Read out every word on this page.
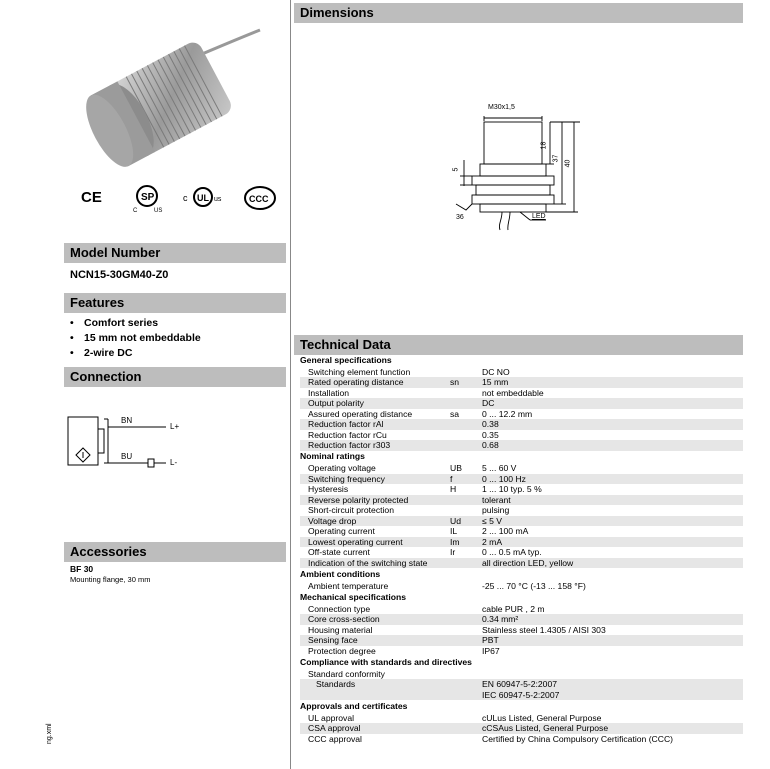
CE	SP
C	US
c UL us	CCC
Model Number
NCN15-30GM40-Z0
Features
• Comfort series
• 15 mm not embeddable
• 2-wire DC
Connection
BN
BU
L+
L-
Accessories
BF 30
Mounting flange, 30 mm
ng.xml
Dimensions
M30x1,5
18
37
40
5
36	LED
Technical Data
General specifications
Switching element function	DC NO
Rated operating distance	sn	15 mm
Installation	not embeddable
Output polarity	DC
Assured operating distance	sa	0 ... 12.2 mm
Reduction factor rAl	0.38
Reduction factor rCu	0.35
Reduction factor r303	0.68
Nominal ratings
Operating voltage	UB 5 ... 60 V
Switching frequency	f	0 ... 100 Hz
Hysteresis	H	1 ... 10 typ. 5 %
Reverse polarity protected	tolerant
Short-circuit protection	pulsing
Voltage drop	Ud ≤ 5 V
Operating current	IL	2 ... 100 mA
Lowest operating current	Im	2 mA
Off-state current	Ir	0 ... 0.5 mA typ.
Indication of the switching state	all direction LED, yellow
Ambient conditions
Ambient temperature	-25 ... 70 °C (-13 ... 158 °F)
Mechanical specifications
Connection type	cable PUR , 2 m
Core cross-section	0.34 mm²
Housing material	Stainless steel 1.4305 / AISI 303
Sensing face	PBT
Protection degree	IP67
Compliance with standards and directives
Standard conformity
Standards	EN 60947-5-2:2007
IEC 60947-5-2:2007
Approvals and certificates
UL approval	cULus Listed, General Purpose
CSA approval	cCSAus Listed, General Purpose
CCC approval	Certified by China Compulsory Certification (CCC)
